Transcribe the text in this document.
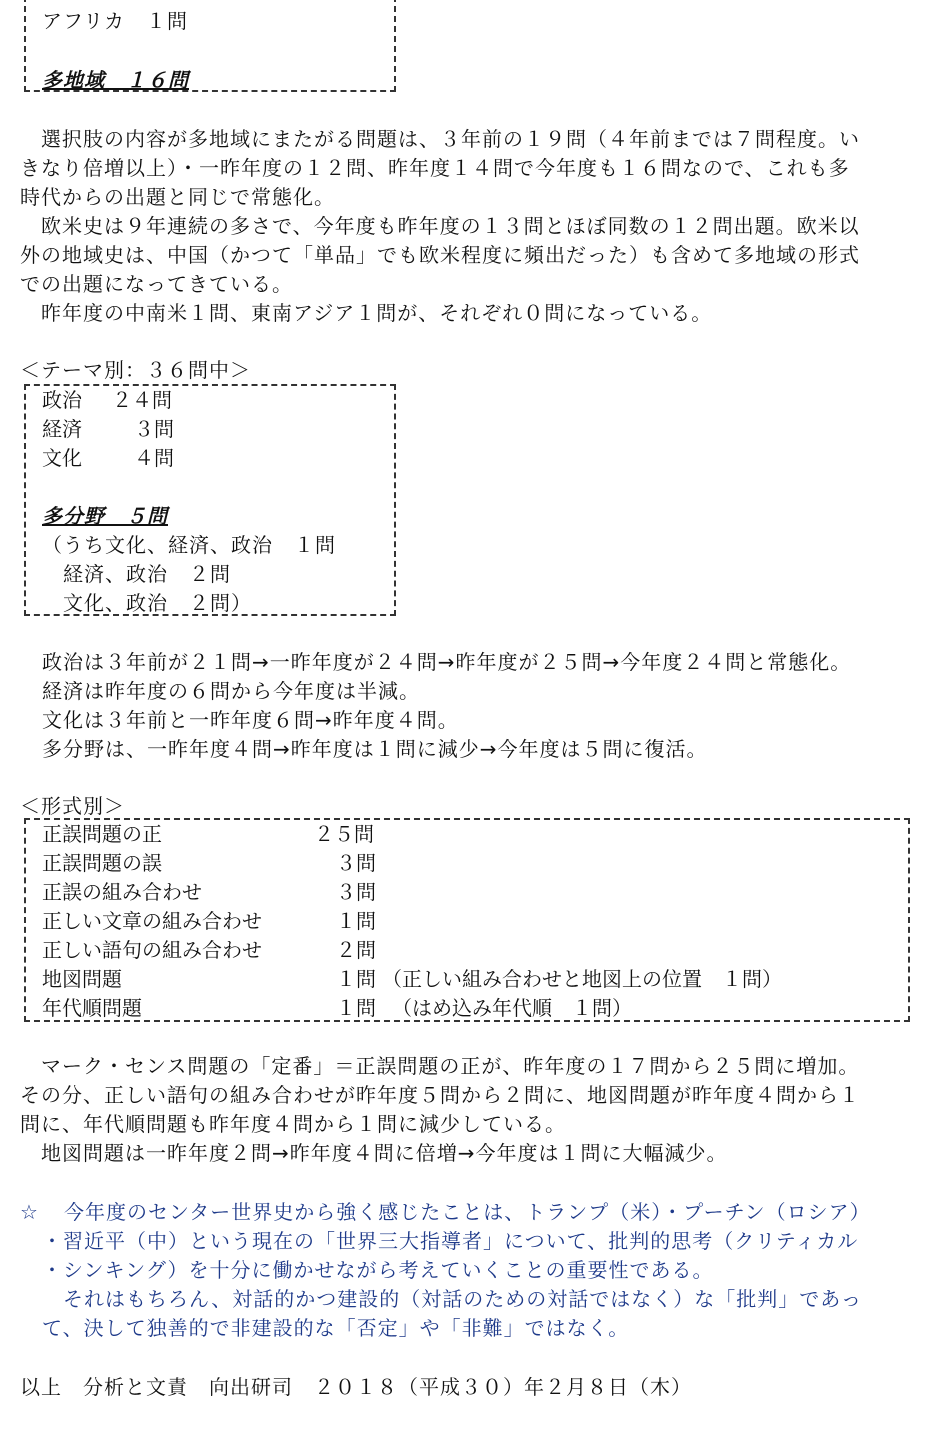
アフリカ　１問
多地域　１６問
　選択肢の内容が多地域にまたがる問題は、３年前の１９問（４年前までは７問程度。い
きなり倍増以上）・一昨年度の１２問、昨年度１４問で今年度も１６問なので、これも多
時代からの出題と同じで常態化。
　欧米史は９年連続の多さで、今年度も昨年度の１３問とほぼ同数の１２問出題。欧米以
外の地域史は、中国（かつて「単品」でも欧米程度に頻出だった）も含めて多地域の形式
での出題になってきている。
　昨年度の中南米１問、東南アジア１問が、それぞれ０問になっている。
＜テーマ別：３６問中＞
政治 ２４問
経済	３問
文化	４問
多分野　５問
（うち文化、経済、政治　１問
　経済、政治　２問
　文化、政治　２問）
政治は３年前が２１問→一昨年度が２４問→昨年度が２５問→今年度２４問と常態化。
経済は昨年度の６問から今年度は半減。
文化は３年前と一昨年度６問→昨年度４問。
多分野は、一昨年度４問→昨年度は１問に減少→今年度は５問に復活。
＜形式別＞
正誤問題の正	２５問
正誤問題の誤	３問
正誤の組み合わせ	３問
正しい文章の組み合わせ	１問
正しい語句の組み合わせ	２問
地図問題	１問 （正しい組み合わせと地図上の位置　１問）
年代順問題	１問 （はめ込み年代順　１問）
　マーク・センス問題の「定番」＝正誤問題の正が、昨年度の１７問から２５問に増加。
その分、正しい語句の組み合わせが昨年度５問から２問に、地図問題が昨年度４問から１
問に、年代順問題も昨年度４問から１問に減少している。
　地図問題は一昨年度２問→昨年度４問に倍増→今年度は１問に大幅減少。
☆ 今年度のセンター世界史から強く感じたことは、トランプ（米）・プーチン（ロシア）
・習近平（中）という現在の「世界三大指導者」について、批判的思考（クリティカル
・シンキング）を十分に働かせながら考えていくことの重要性である。
　それはもちろん、対話的かつ建設的（対話のための対話ではなく）な「批判」であっ
て、決して独善的で非建設的な「否定」や「非難」ではなく。
以上　分析と文責　向出研司　２０１８（平成３０）年２月８日（木）
